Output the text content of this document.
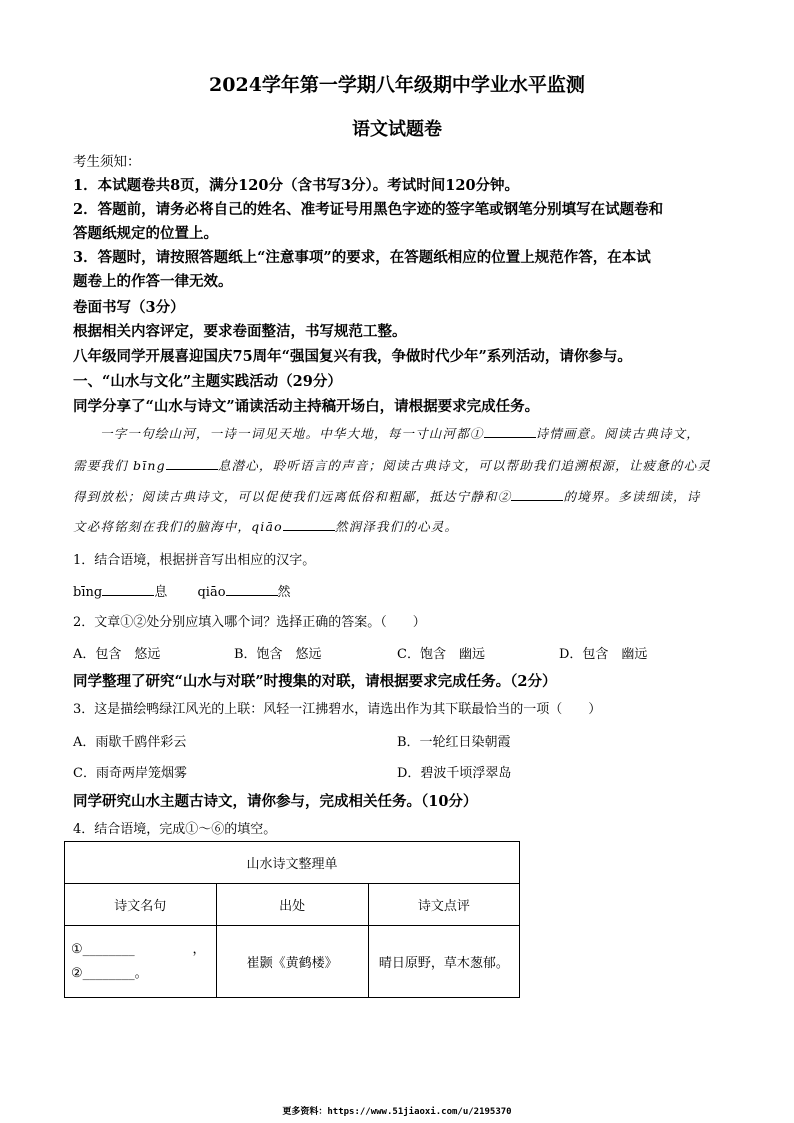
2024学年第一学期八年级期中学业水平监测
语文试题卷
考生须知：
1．本试题卷共8页，满分120分（含书写3分）。考试时间120分钟。
2．答题前，请务必将自己的姓名、准考证号用黑色字迹的签字笔或钢笔分别填写在试题卷和
答题纸规定的位置上。
3．答题时，请按照答题纸上“注意事项”的要求，在答题纸相应的位置上规范作答，在本试
题卷上的作答一律无效。
卷面书写（3分）
根据相关内容评定，要求卷面整洁，书写规范工整。
八年级同学开展喜迎国庆75周年“强国复兴有我，争做时代少年”系列活动，请你参与。
一、“山水与文化”主题实践活动（29分）
同学分享了“山水与诗文”诵读活动主持稿开场白，请根据要求完成任务。
一字一句绘山河，一诗一词见天地。中华大地，每一寸山河都①	诗情画意。阅读古典诗文，
需要我们 bīng	息潜心，聆听语言的声音；阅读古典诗文，可以帮助我们追溯根源，让疲惫的心灵
得到放松；阅读古典诗文，可以促使我们远离低俗和粗鄙，抵达宁静和②	的境界。多读细读，诗
文必将铭刻在我们的脑海中，qiāo	然润泽我们的心灵。
1．结合语境，根据拼音写出相应的汉字。
bīng	息 qiāo	然
2．文章①②处分别应填入哪个词？选择正确的答案。（　　）
A．包含　悠远	B．饱含　悠远	C．饱含　幽远	D．包含　幽远
同学整理了研究“山水与对联”时搜集的对联，请根据要求完成任务。（2分）
3．这是描绘鸭绿江风光的上联：风轻一江拂碧水，请选出作为其下联最恰当的一项（　　）
A．雨歇千鸥伴彩云	B．一轮红日染朝霞
C．雨奇两岸笼烟雾	D．碧波千顷浮翠岛
同学研究山水主题古诗文，请你参与，完成相关任务。（10分）
4．结合语境，完成①～⑥的填空。
山水诗文整理单		
诗文名句	出处	诗文点评

①________ ，
②________。	崔颢《黄鹤楼》	晴日原野，草木葱郁。
更多资料：https://www.51jiaoxi.com/u/2195370
